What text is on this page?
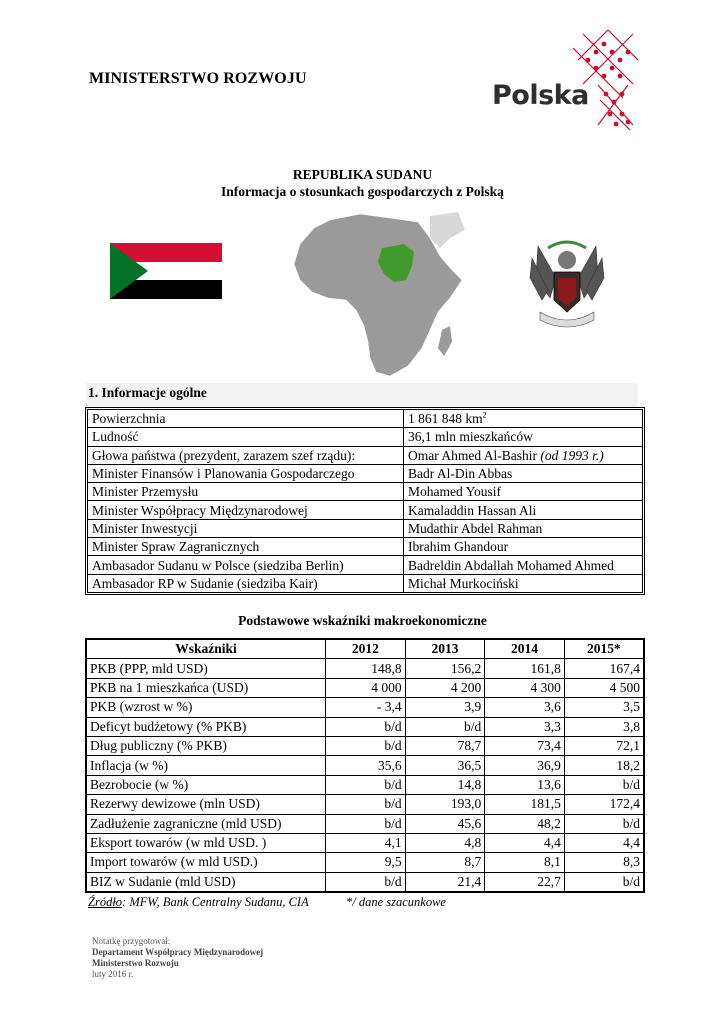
MINISTERSTWO ROZWOJU
Polska
REPUBLIKA SUDANU
Informacja o stosunkach gospodarczych z Polską
1. Informacje ogólne
Powierzchnia	1 861 848 $km^2$
Ludność	36,1 mln mieszkańców
Głowa państwa (prezydent, zarazem szef rządu):	Omar Ahmed Al-Bashir (od 1993 r.)
Minister Finansów i Planowania Gospodarczego	Badr Al-Din Abbas
Minister Przemysłu	Mohamed Yousif
Minister Współpracy Międzynarodowej	Kamaladdin Hassan Ali
Minister Inwestycji	Mudathir Abdel Rahman
Minister Spraw Zagranicznych	Ibrahim Ghandour
Ambasador Sudanu w Polsce (siedziba Berlin)	Badreldin Abdallah Mohamed Ahmed
Ambasador RP w Sudanie (siedziba Kair)	Michał Murkociński
Podstawowe wskaźniki makroekonomiczne
Wskaźniki	2012	2013	2014	2015*
PKB (PPP, mld USD)	148,8	156,2	161,8	167,4
PKB na 1 mieszkańca (USD)	4 000	4 200	4 300	4 500
PKB (wzrost w %)	- 3,4	3,9	3,6	3,5
Deficyt budżetowy (% PKB)	b/d	b/d	3,3	3,8
Dług publiczny (% PKB)	b/d	78,7	73,4	72,1
Inflacja (w %)	35,6	36,5	36,9	18,2
Bezrobocie (w %)	b/d	14,8	13,6	b/d
Rezerwy dewizowe (mln USD)	b/d	193,0	181,5	172,4
Zadłużenie zagraniczne (mld USD)	b/d	45,6	48,2	b/d
Eksport towarów (w mld USD. )	4,1	4,8	4,4	4,4
Import towarów (w mld USD.)	9,5	8,7	8,1	8,3
BIZ w Sudanie (mld USD)	b/d	21,4	22,7	b/d
Źródło: MFW, Bank Centralny Sudanu, CIA	*/ dane szacunkowe
Notatkę przygotował:
Departament Współpracy Międzynarodowej
Ministerstwo Rozwoju
luty 2016 r.
